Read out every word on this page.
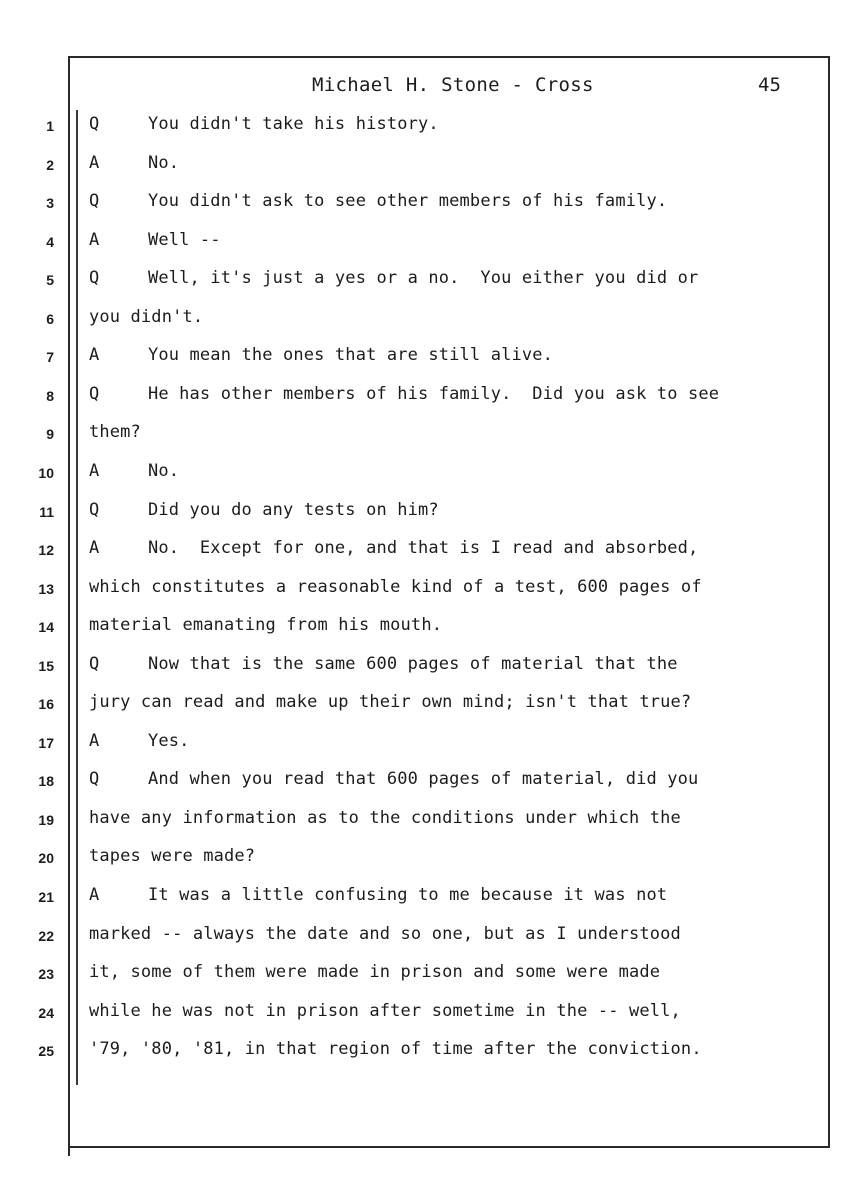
Michael H. Stone - Cross	45
1 Q	You didn't take his history.
2 A	No.
3 Q	You didn't ask to see other members of his family.
4 A	Well --
5 Q	Well, it's just a yes or a no.  You either you did or
6 you didn't.
7 A	You mean the ones that are still alive.
8 Q	He has other members of his family.  Did you ask to see
9 them?
10 A	No.
11 Q	Did you do any tests on him?
12 A	No.  Except for one, and that is I read and absorbed,
13 which constitutes a reasonable kind of a test, 600 pages of
14 material emanating from his mouth.
15 Q	Now that is the same 600 pages of material that the
16 jury can read and make up their own mind; isn't that true?
17 A	Yes.
18 Q	And when you read that 600 pages of material, did you
19 have any information as to the conditions under which the
20 tapes were made?
21 A	It was a little confusing to me because it was not
22 marked -- always the date and so one, but as I understood
23 it, some of them were made in prison and some were made
24 while he was not in prison after sometime in the -- well,
25 '79, '80, '81, in that region of time after the conviction.
